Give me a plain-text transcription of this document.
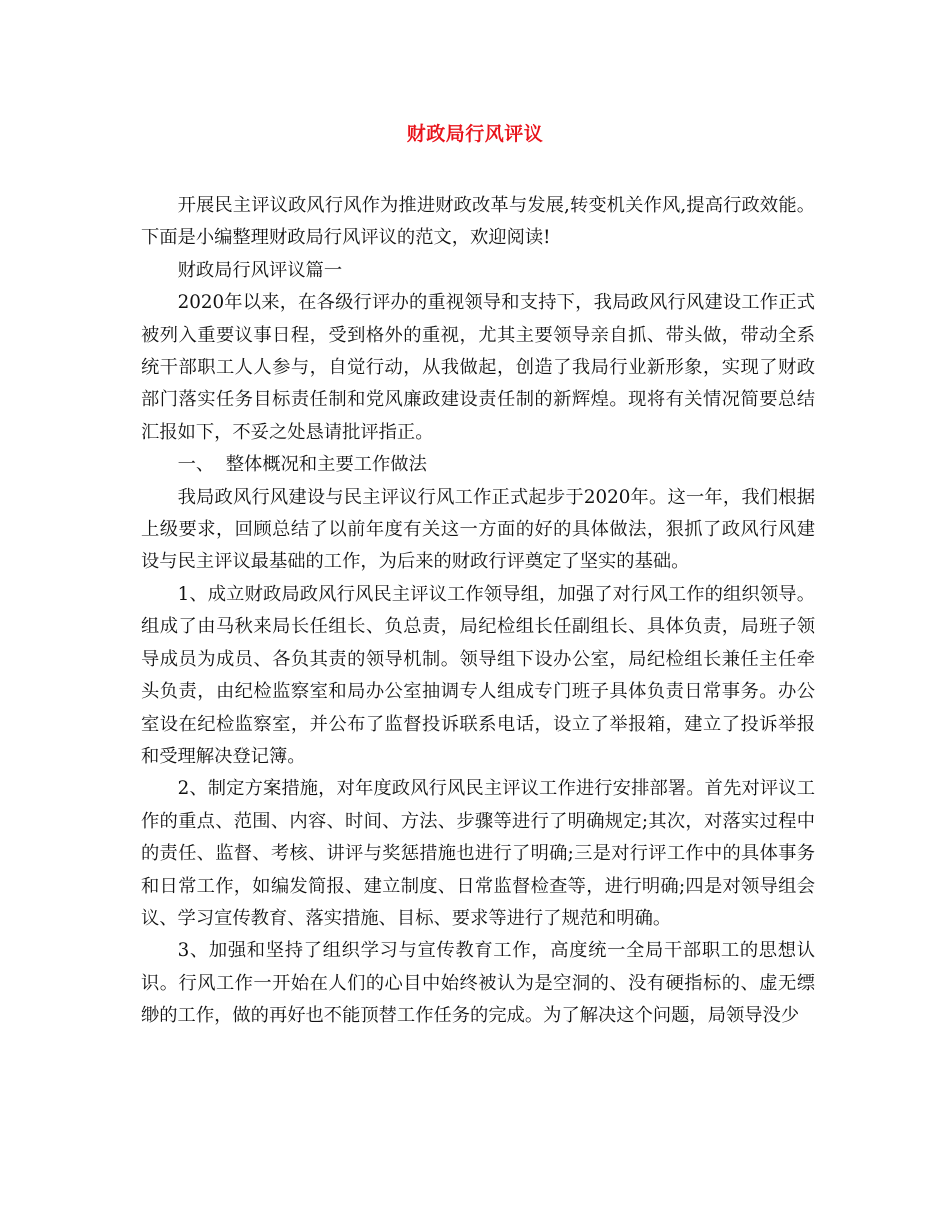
财政局行风评议

开展民主评议政风行风作为推进财政改革与发展,转变机关作风,提高行政效能。下面是小编整理财政局行风评议的范文，欢迎阅读!

财政局行风评议篇一

2020年以来，在各级行评办的重视领导和支持下，我局政风行风建设工作正式被列入重要议事日程，受到格外的重视，尤其主要领导亲自抓、带头做，带动全系统干部职工人人参与，自觉行动，从我做起，创造了我局行业新形象，实现了财政部门落实任务目标责任制和党风廉政建设责任制的新辉煌。现将有关情况简要总结汇报如下，不妥之处恳请批评指正。

一、  整体概况和主要工作做法

我局政风行风建设与民主评议行风工作正式起步于2020年。这一年，我们根据上级要求，回顾总结了以前年度有关这一方面的好的具体做法，狠抓了政风行风建设与民主评议最基础的工作，为后来的财政行评奠定了坚实的基础。

1、成立财政局政风行风民主评议工作领导组，加强了对行风工作的组织领导。组成了由马秋来局长任组长、负总责，局纪检组长任副组长、具体负责，局班子领导成员为成员、各负其责的领导机制。领导组下设办公室，局纪检组长兼任主任牵头负责，由纪检监察室和局办公室抽调专人组成专门班子具体负责日常事务。办公室设在纪检监察室，并公布了监督投诉联系电话，设立了举报箱，建立了投诉举报和受理解决登记簿。

2、制定方案措施，对年度政风行风民主评议工作进行安排部署。首先对评议工作的重点、范围、内容、时间、方法、步骤等进行了明确规定;其次，对落实过程中的责任、监督、考核、讲评与奖惩措施也进行了明确;三是对行评工作中的具体事务和日常工作，如编发简报、建立制度、日常监督检查等，进行明确;四是对领导组会议、学习宣传教育、落实措施、目标、要求等进行了规范和明确。

3、加强和坚持了组织学习与宣传教育工作，高度统一全局干部职工的思想认识。行风工作一开始在人们的心目中始终被认为是空洞的、没有硬指标的、虚无缥缈的工作，做的再好也不能顶替工作任务的完成。为了解决这个问题，局领导没少
